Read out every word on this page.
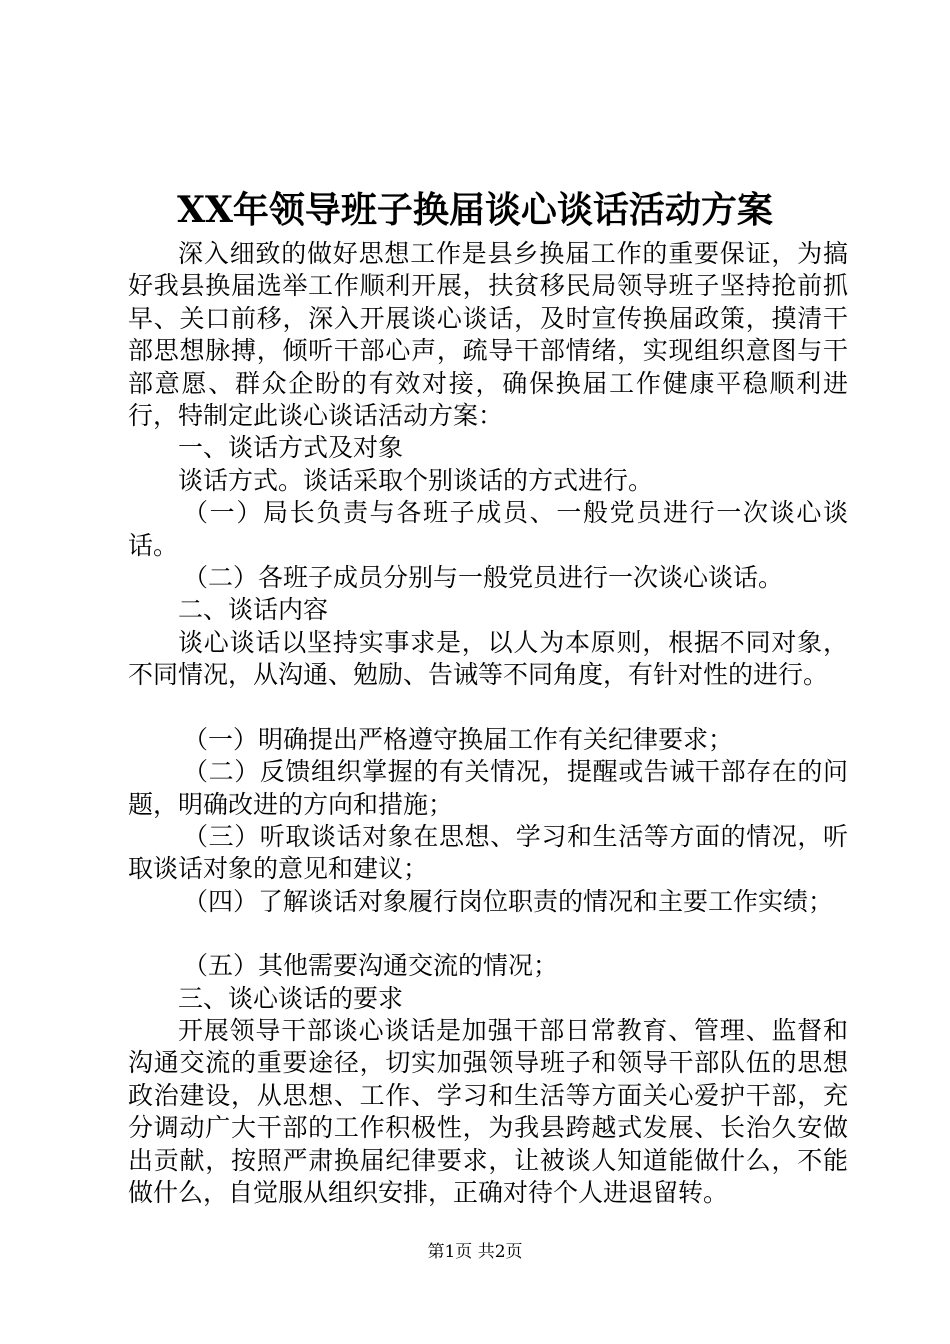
XX年领导班子换届谈心谈话活动方案

深入细致的做好思想工作是县乡换届工作的重要保证，为搞好我县换届选举工作顺利开展，扶贫移民局领导班子坚持抢前抓早、关口前移，深入开展谈心谈话，及时宣传换届政策，摸清干部思想脉搏，倾听干部心声，疏导干部情绪，实现组织意图与干部意愿、群众企盼的有效对接，确保换届工作健康平稳顺利进行，特制定此谈心谈话活动方案：

一、谈话方式及对象

谈话方式。谈话采取个别谈话的方式进行。

（一）局长负责与各班子成员、一般党员进行一次谈心谈话。

（二）各班子成员分别与一般党员进行一次谈心谈话。

二、谈话内容

谈心谈话以坚持实事求是，以人为本原则，根据不同对象，不同情况，从沟通、勉励、告诫等不同角度，有针对性的进行。

（一）明确提出严格遵守换届工作有关纪律要求；

（二）反馈组织掌握的有关情况，提醒或告诫干部存在的问题，明确改进的方向和措施；

（三）听取谈话对象在思想、学习和生活等方面的情况，听取谈话对象的意见和建议；

（四）了解谈话对象履行岗位职责的情况和主要工作实绩；

（五）其他需要沟通交流的情况；

三、谈心谈话的要求

开展领导干部谈心谈话是加强干部日常教育、管理、监督和沟通交流的重要途径，切实加强领导班子和领导干部队伍的思想政治建设，从思想、工作、学习和生活等方面关心爱护干部，充分调动广大干部的工作积极性，为我县跨越式发展、长治久安做出贡献，按照严肃换届纪律要求，让被谈人知道能做什么，不能做什么，自觉服从组织安排，正确对待个人进退留转。

第1页 共2页
